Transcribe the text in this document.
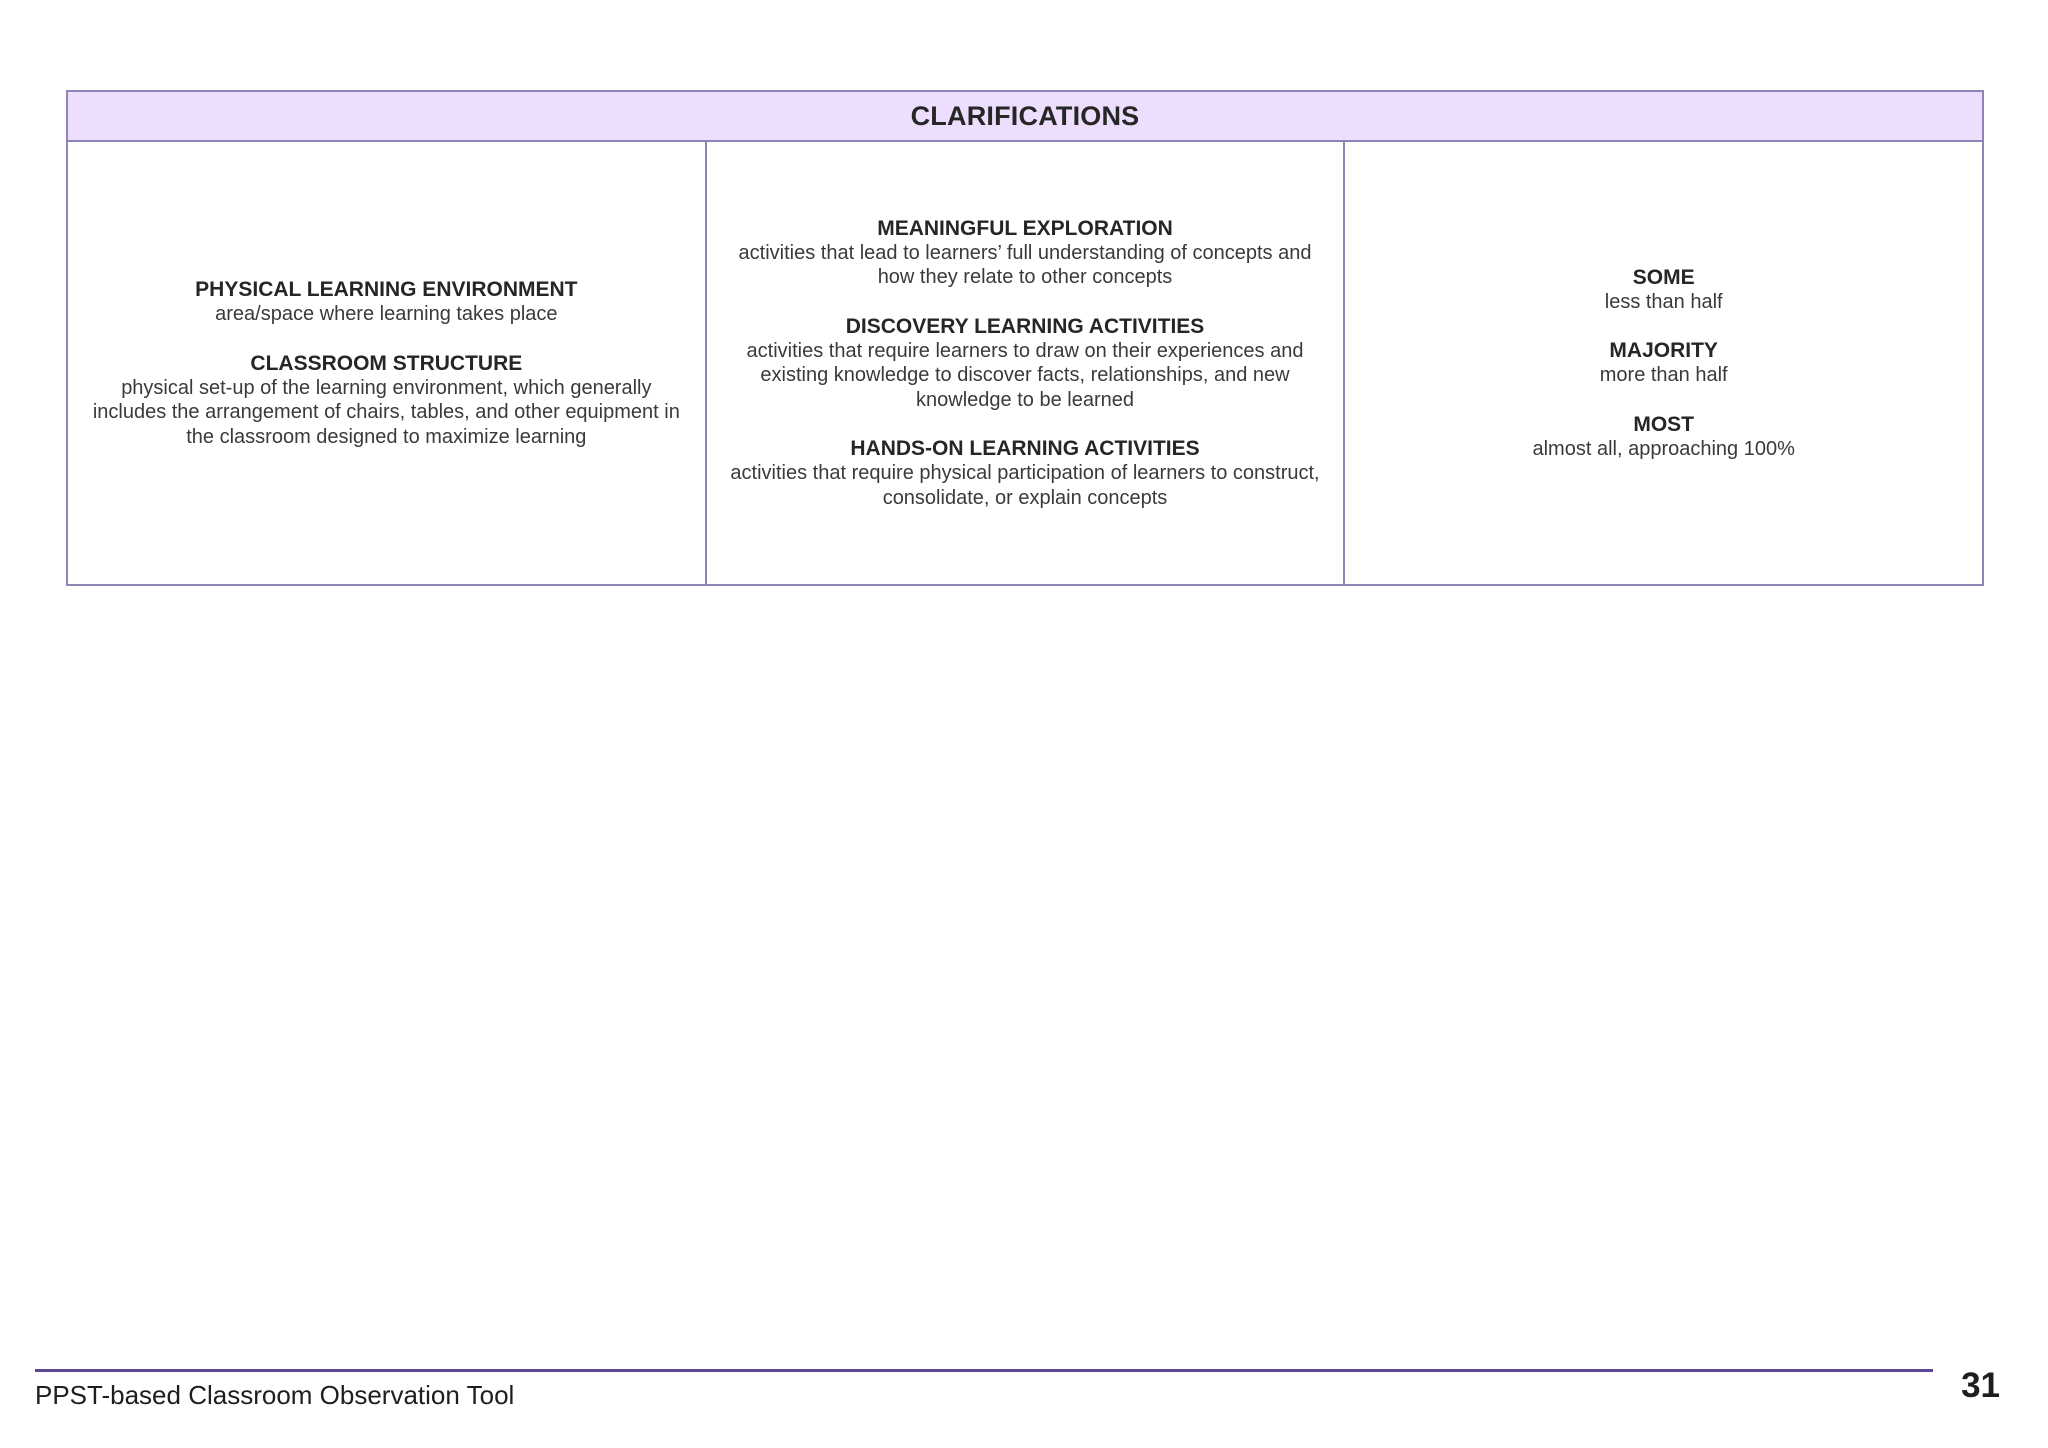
CLARIFICATIONS
PHYSICAL LEARNING ENVIRONMENT
area/space where learning takes place
CLASSROOM STRUCTURE
physical set-up of the learning environment, which generally includes the arrangement of chairs, tables, and other equipment in the classroom designed to maximize learning
MEANINGFUL EXPLORATION
activities that lead to learners’ full understanding of concepts and how they relate to other concepts
DISCOVERY LEARNING ACTIVITIES
activities that require learners to draw on their experiences and existing knowledge to discover facts, relationships, and new knowledge to be learned
HANDS-ON LEARNING ACTIVITIES
activities that require physical participation of learners to construct, consolidate, or explain concepts
SOME
less than half
MAJORITY
more than half
MOST
almost all, approaching 100%
PPST-based Classroom Observation Tool	31
